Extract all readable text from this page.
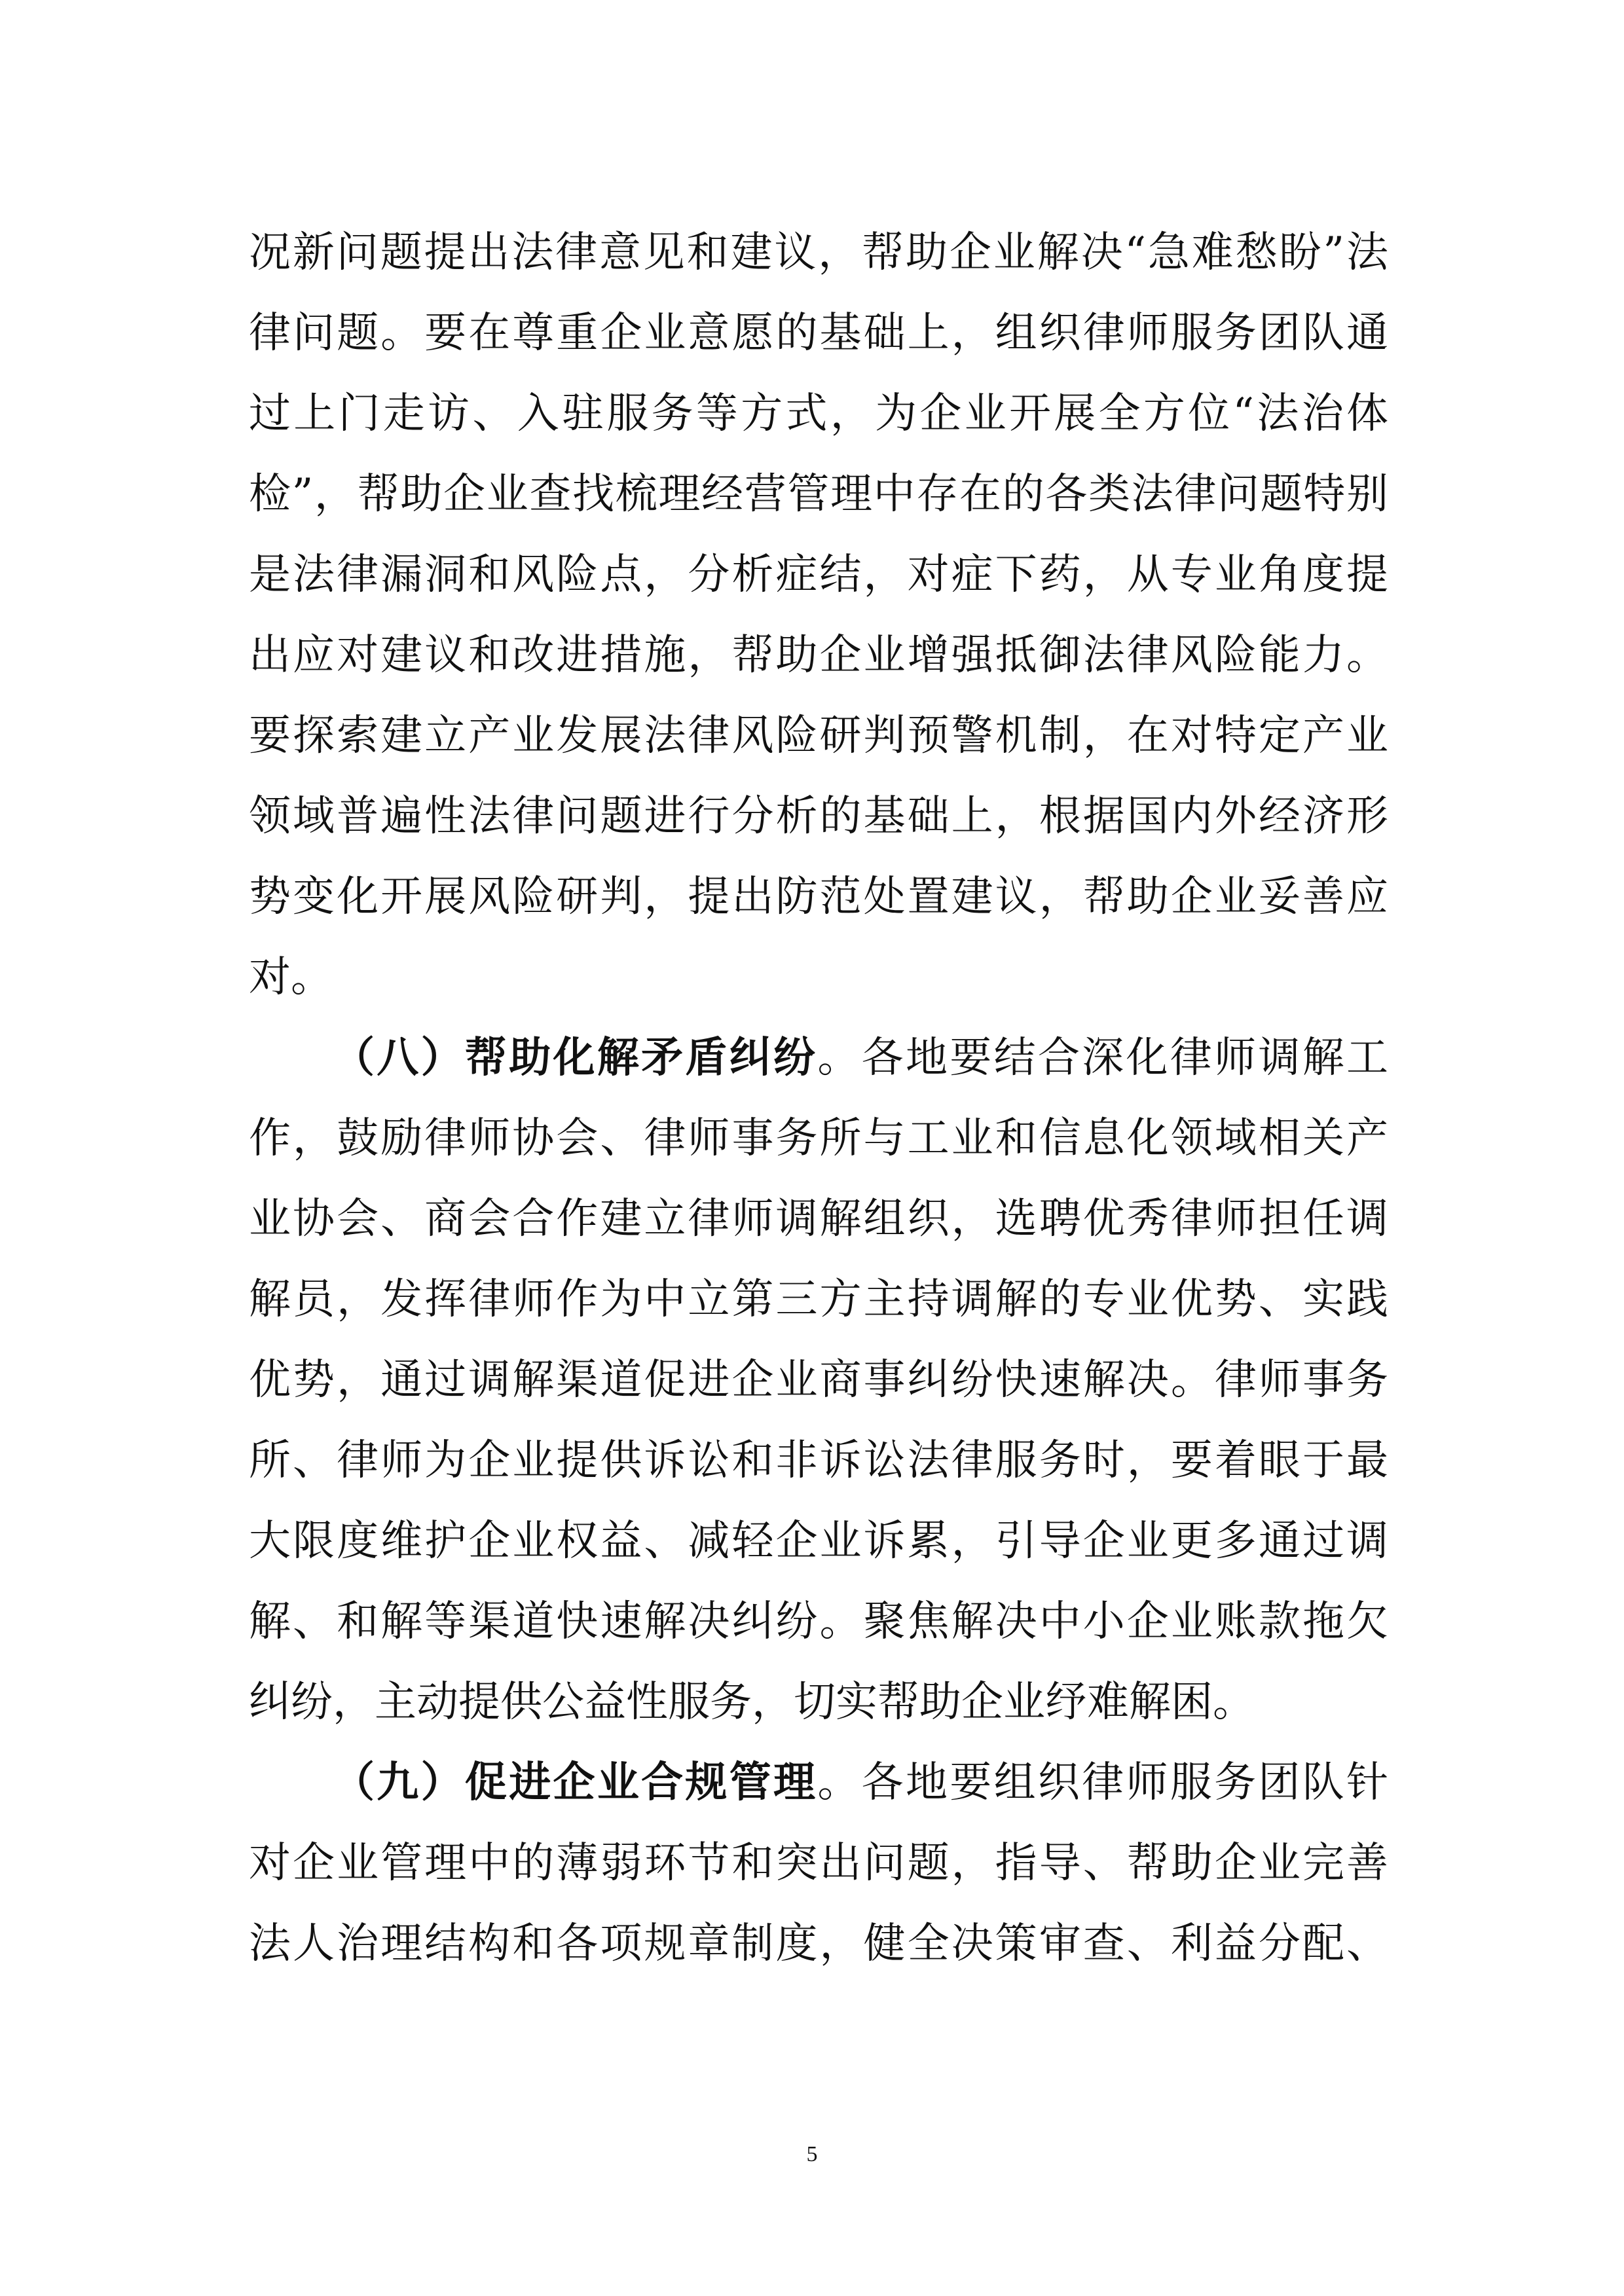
况新问题提出法律意见和建议，帮助企业解决“急难愁盼”法
律问题。要在尊重企业意愿的基础上，组织律师服务团队通
过上门走访、入驻服务等方式，为企业开展全方位“法治体
检”，帮助企业查找梳理经营管理中存在的各类法律问题特别
是法律漏洞和风险点，分析症结，对症下药，从专业角度提
出应对建议和改进措施，帮助企业增强抵御法律风险能力。
要探索建立产业发展法律风险研判预警机制，在对特定产业
领域普遍性法律问题进行分析的基础上，根据国内外经济形
势变化开展风险研判，提出防范处置建议，帮助企业妥善应
对。
（八）帮助化解矛盾纠纷。各地要结合深化律师调解工
作，鼓励律师协会、律师事务所与工业和信息化领域相关产
业协会、商会合作建立律师调解组织，选聘优秀律师担任调
解员，发挥律师作为中立第三方主持调解的专业优势、实践
优势，通过调解渠道促进企业商事纠纷快速解决。律师事务
所、律师为企业提供诉讼和非诉讼法律服务时，要着眼于最
大限度维护企业权益、减轻企业诉累，引导企业更多通过调
解、和解等渠道快速解决纠纷。聚焦解决中小企业账款拖欠
纠纷，主动提供公益性服务，切实帮助企业纾难解困。
（九）促进企业合规管理。各地要组织律师服务团队针
对企业管理中的薄弱环节和突出问题，指导、帮助企业完善
法人治理结构和各项规章制度，健全决策审查、利益分配、
5
